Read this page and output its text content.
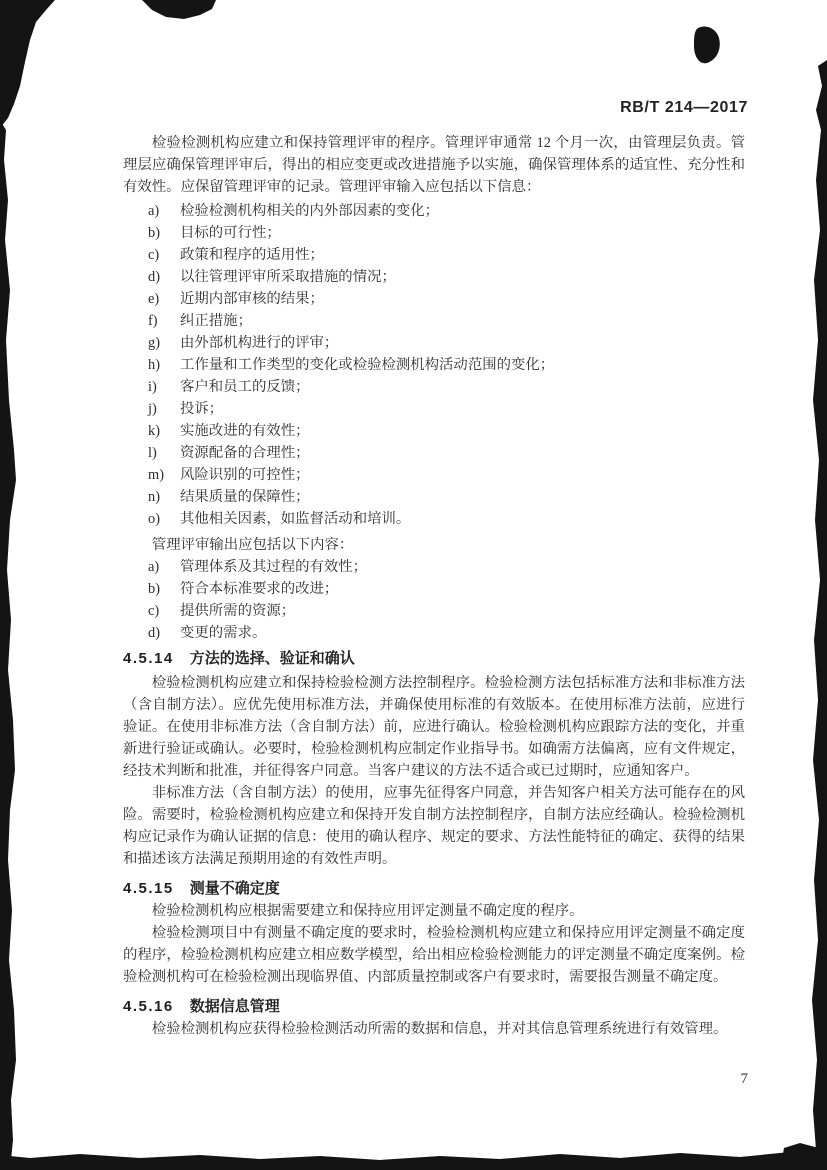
RB/T 214—2017

检验检测机构应建立和保持管理评审的程序。管理评审通常 12 个月一次，由管理层负责。管理层应确保管理评审后，得出的相应变更或改进措施予以实施，确保管理体系的适宜性、充分性和有效性。应保留管理评审的记录。管理评审输入应包括以下信息：

a)	检验检测机构相关的内外部因素的变化；
b)	目标的可行性；
c)	政策和程序的适用性；
d)	以往管理评审所采取措施的情况；
e)	近期内部审核的结果；
f)	纠正措施；
g)	由外部机构进行的评审；
h)	工作量和工作类型的变化或检验检测机构活动范围的变化；
i)	客户和员工的反馈；
j)	投诉；
k)	实施改进的有效性；
l)	资源配备的合理性；
m)	风险识别的可控性；
n)	结果质量的保障性；
o)	其他相关因素，如监督活动和培训。

管理评审输出应包括以下内容：

a)	管理体系及其过程的有效性；
b)	符合本标准要求的改进；
c)	提供所需的资源；
d)	变更的需求。
4.5.14 方法的选择、验证和确认

检验检测机构应建立和保持检验检测方法控制程序。检验检测方法包括标准方法和非标准方法（含自制方法）。应优先使用标准方法，并确保使用标准的有效版本。在使用标准方法前，应进行验证。在使用非标准方法（含自制方法）前，应进行确认。检验检测机构应跟踪方法的变化，并重新进行验证或确认。必要时，检验检测机构应制定作业指导书。如确需方法偏离，应有文件规定，经技术判断和批准，并征得客户同意。当客户建议的方法不适合或已过期时，应通知客户。

非标准方法（含自制方法）的使用，应事先征得客户同意，并告知客户相关方法可能存在的风险。需要时，检验检测机构应建立和保持开发自制方法控制程序，自制方法应经确认。检验检测机构应记录作为确认证据的信息：使用的确认程序、规定的要求、方法性能特征的确定、获得的结果和描述该方法满足预期用途的有效性声明。

4.5.15 测量不确定度

检验检测机构应根据需要建立和保持应用评定测量不确定度的程序。

检验检测项目中有测量不确定度的要求时，检验检测机构应建立和保持应用评定测量不确定度的程序，检验检测机构应建立相应数学模型，给出相应检验检测能力的评定测量不确定度案例。检验检测机构可在检验检测出现临界值、内部质量控制或客户有要求时，需要报告测量不确定度。

4.5.16 数据信息管理

检验检测机构应获得检验检测活动所需的数据和信息，并对其信息管理系统进行有效管理。

7
